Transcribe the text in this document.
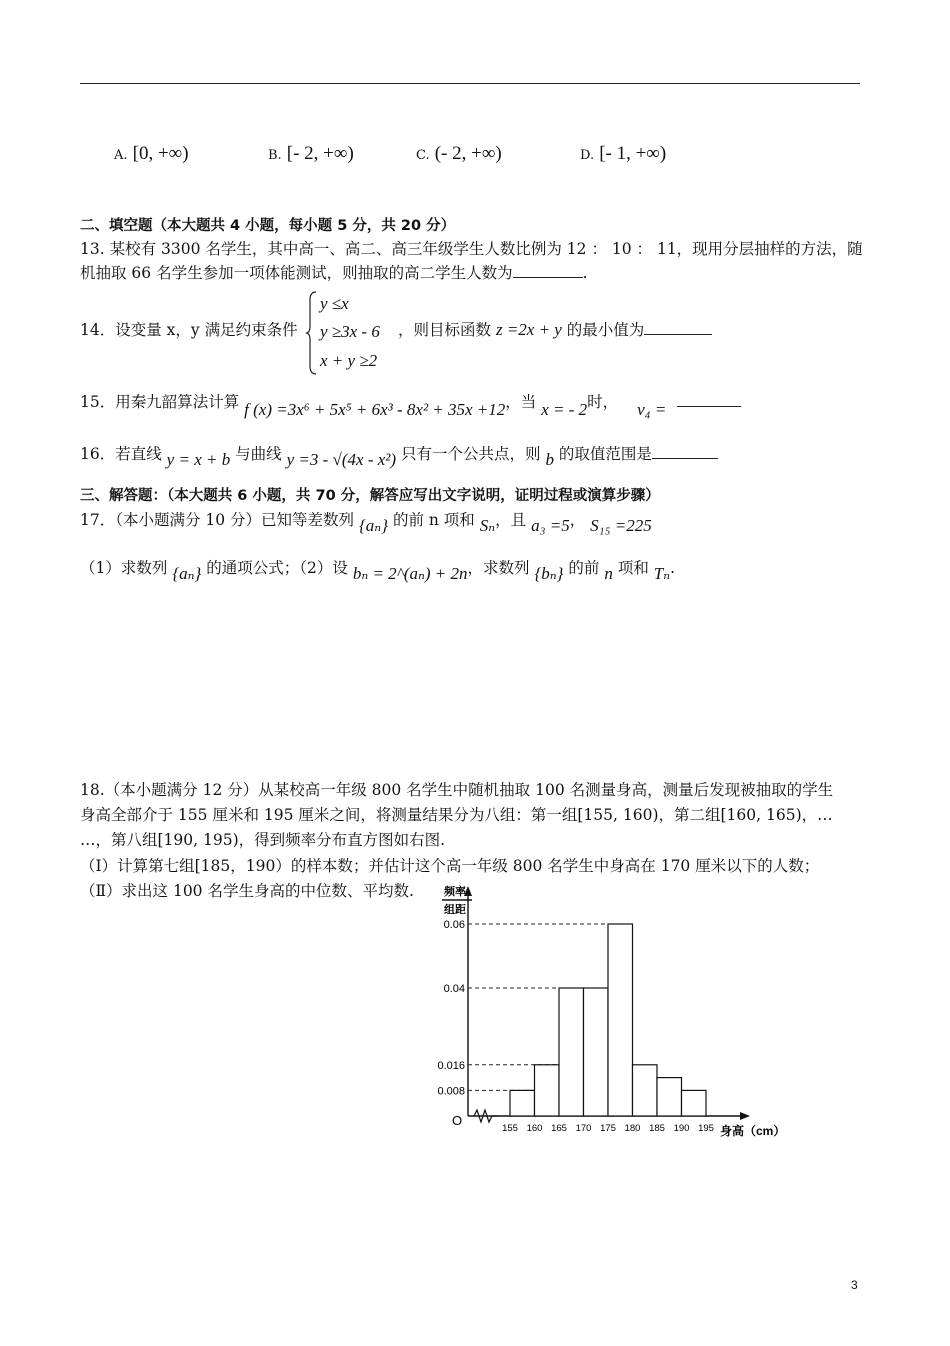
A. [0, +∞)	B. [- 2, +∞)	C. (- 2, +∞)	D. [- 1, +∞)
二、填空题（本大题共 4 小题，每小题 5 分，共 20 分）
13. 某校有 3300 名学生，其中高一、高二、高三年级学生人数比例为 12 ： 10 ： 11，现用分层抽样的方法，随
机抽取 66 名学生参加一项体能测试，则抽取的高二学生人数为	.
14．设变量 x，y 满足约束条件
y ≤x
y ≥3x - 6
x + y ≥2
，则目标函数 z =2x + y 的最小值为
15．用秦九韶算法计算 f (x) =3x⁶ + 5x⁵ + 6x³ - 8x² + 35x +12，当 x = - 2时， v₄ =
16．若直线 y = x + b 与曲线 y =3 - √(4x - x²) 只有一个公共点，则 b 的取值范围是
三、解答题：（本大题共 6 小题，共 70 分，解答应写出文字说明，证明过程或演算步骤）
17．（本小题满分 10 分）已知等差数列 {aₙ} 的前 n 项和 Sₙ，且 a₃ =5， S₁₅ =225
（1）求数列 {aₙ} 的通项公式；（2）设 bₙ = 2^(aₙ) + 2n，求数列 {bₙ} 的前 n 项和 Tₙ.
18.（本小题满分 12 分）从某校高一年级 800 名学生中随机抽取 100 名测量身高，测量后发现被抽取的学生
身高全部介于 155 厘米和 195 厘米之间，将测量结果分为八组：第一组[155, 160)，第二组[160, 165)，…
…，第八组[190, 195)，得到频率分布直方图如右图.
（Ⅰ）计算第七组[185，190）的样本数；并估计这个高一年级 800 名学生中身高在 170 厘米以下的人数；
（Ⅱ）求出这 100 名学生身高的中位数、平均数.	频率
组距
O
身高（cm）
0.008
0.016
0.04
0.06
155 160 165 170 175 180 185 190 195
3
